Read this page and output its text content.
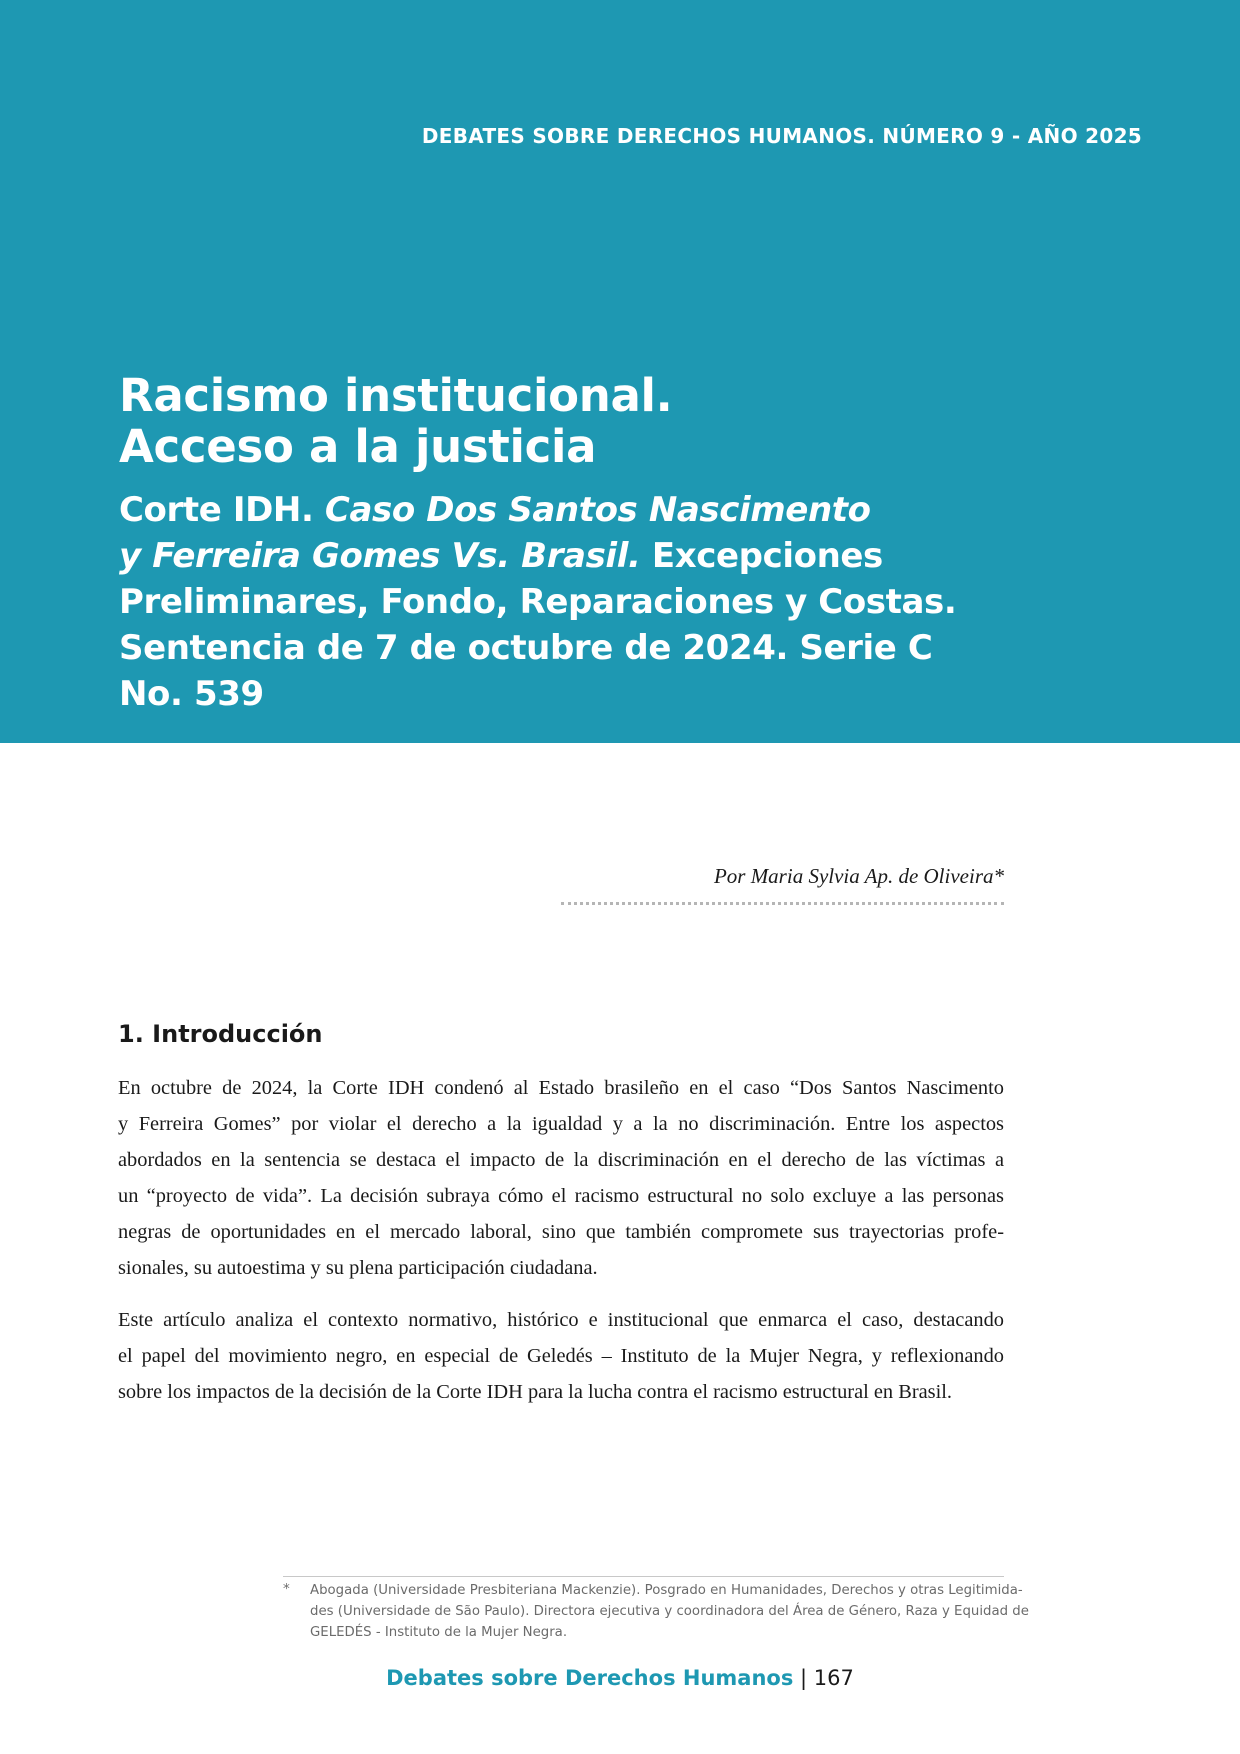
DEBATES SOBRE DERECHOS HUMANOS. NÚMERO 9 - AÑO 2025
Racismo institucional.
Acceso a la justicia
Corte IDH. Caso Dos Santos Nascimento
y Ferreira Gomes Vs. Brasil. Excepciones
Preliminares, Fondo, Reparaciones y Costas.
Sentencia de 7 de octubre de 2024. Serie C
No. 539
Por Maria Sylvia Ap. de Oliveira*
1. Introducción

En octubre de 2024, la Corte IDH condenó al Estado brasileño en el caso “Dos Santos Nascimento
y Ferreira Gomes” por violar el derecho a la igualdad y a la no discriminación. Entre los aspectos
abordados en la sentencia se destaca el impacto de la discriminación en el derecho de las víctimas a
un “proyecto de vida”. La decisión subraya cómo el racismo estructural no solo excluye a las personas
negras de oportunidades en el mercado laboral, sino que también compromete sus trayectorias profe-
sionales, su autoestima y su plena participación ciudadana.

Este artículo analiza el contexto normativo, histórico e institucional que enmarca el caso, destacando
el papel del movimiento negro, en especial de Geledés – Instituto de la Mujer Negra, y reflexionando
sobre los impactos de la decisión de la Corte IDH para la lucha contra el racismo estructural en Brasil.

* Abogada (Universidade Presbiteriana Mackenzie). Posgrado en Humanidades, Derechos y otras Legitimida-
des (Universidade de São Paulo). Directora ejecutiva y coordinadora del Área de Género, Raza y Equidad de
GELEDÉS - Instituto de la Mujer Negra.

Debates sobre Derechos Humanos | 167
